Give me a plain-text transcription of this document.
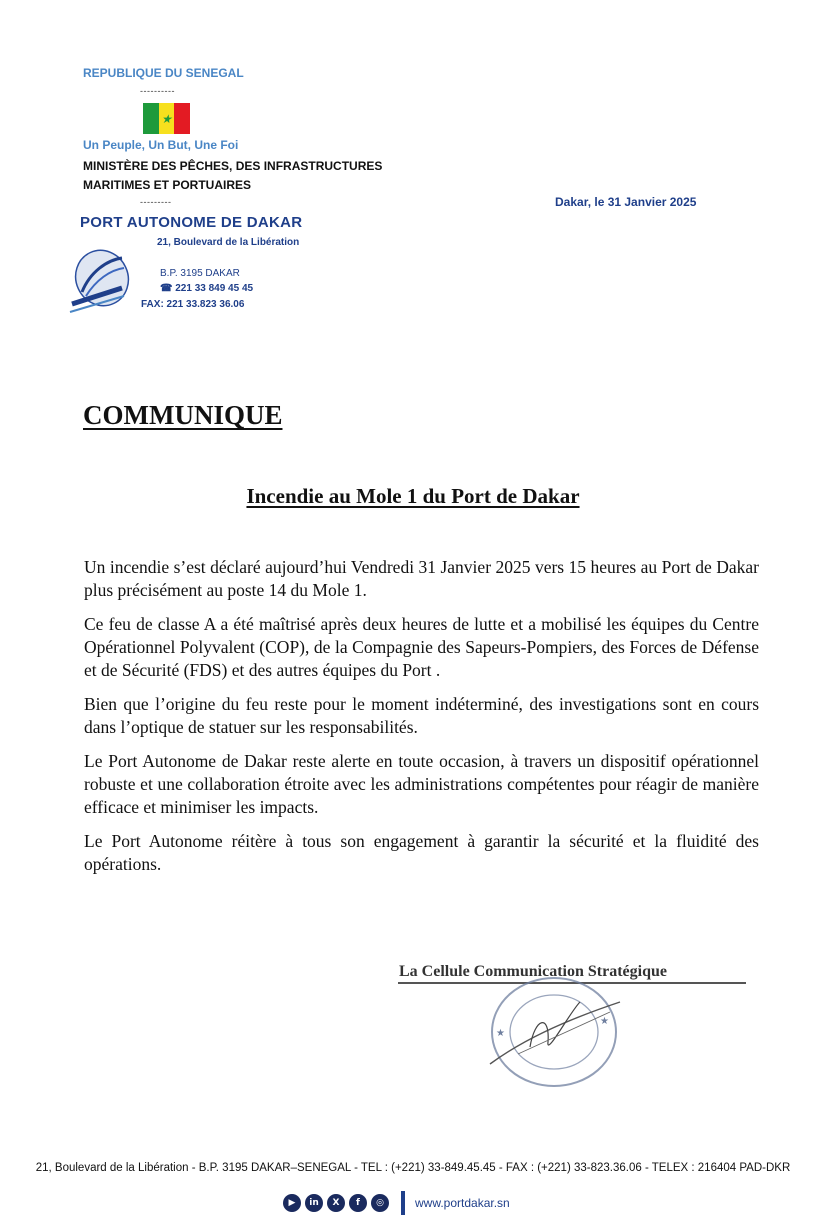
REPUBLIQUE DU SENEGAL
----------
★
Un Peuple, Un But, Une Foi
MINISTÈRE DES PÊCHES, DES INFRASTRUCTURES
MARITIMES ET PORTUAIRES
---------
PORT AUTONOME DE DAKAR
21, Boulevard de la Libération
B.P. 3195 DAKAR
☎ 221 33 849 45 45
FAX: 221 33.823 36.06
Dakar, le 31 Janvier 2025
COMMUNIQUE
Incendie au Mole 1 du Port de Dakar

Un incendie s’est déclaré aujourd’hui Vendredi 31 Janvier 2025 vers 15 heures au Port de Dakar plus précisément au poste 14 du Mole 1.

Ce feu de classe A a été maîtrisé après deux heures de lutte et a mobilisé les équipes du Centre Opérationnel Polyvalent (COP), de la Compagnie des Sapeurs-Pompiers, des Forces de Défense et de Sécurité (FDS) et des autres équipes du Port .

Bien que l’origine du feu reste pour le moment indéterminé, des investigations sont en cours dans l’optique de statuer sur les responsabilités.

Le Port Autonome de Dakar reste alerte en toute occasion, à travers un dispositif opérationnel robuste et une collaboration étroite avec les administrations compétentes pour réagir de manière efficace et minimiser les impacts.

Le Port Autonome réitère à tous son engagement à garantir la sécurité et la fluidité des opérations.

La Cellule Communication Stratégique
★
★
21, Boulevard de la Libération - B.P. 3195 DAKAR–SENEGAL - TEL : (+221) 33-849.45.45 - FAX : (+221) 33-823.36.06 - TELEX : 216404 PAD-DKR
▶	in	X	f	◎	www.portdakar.sn
